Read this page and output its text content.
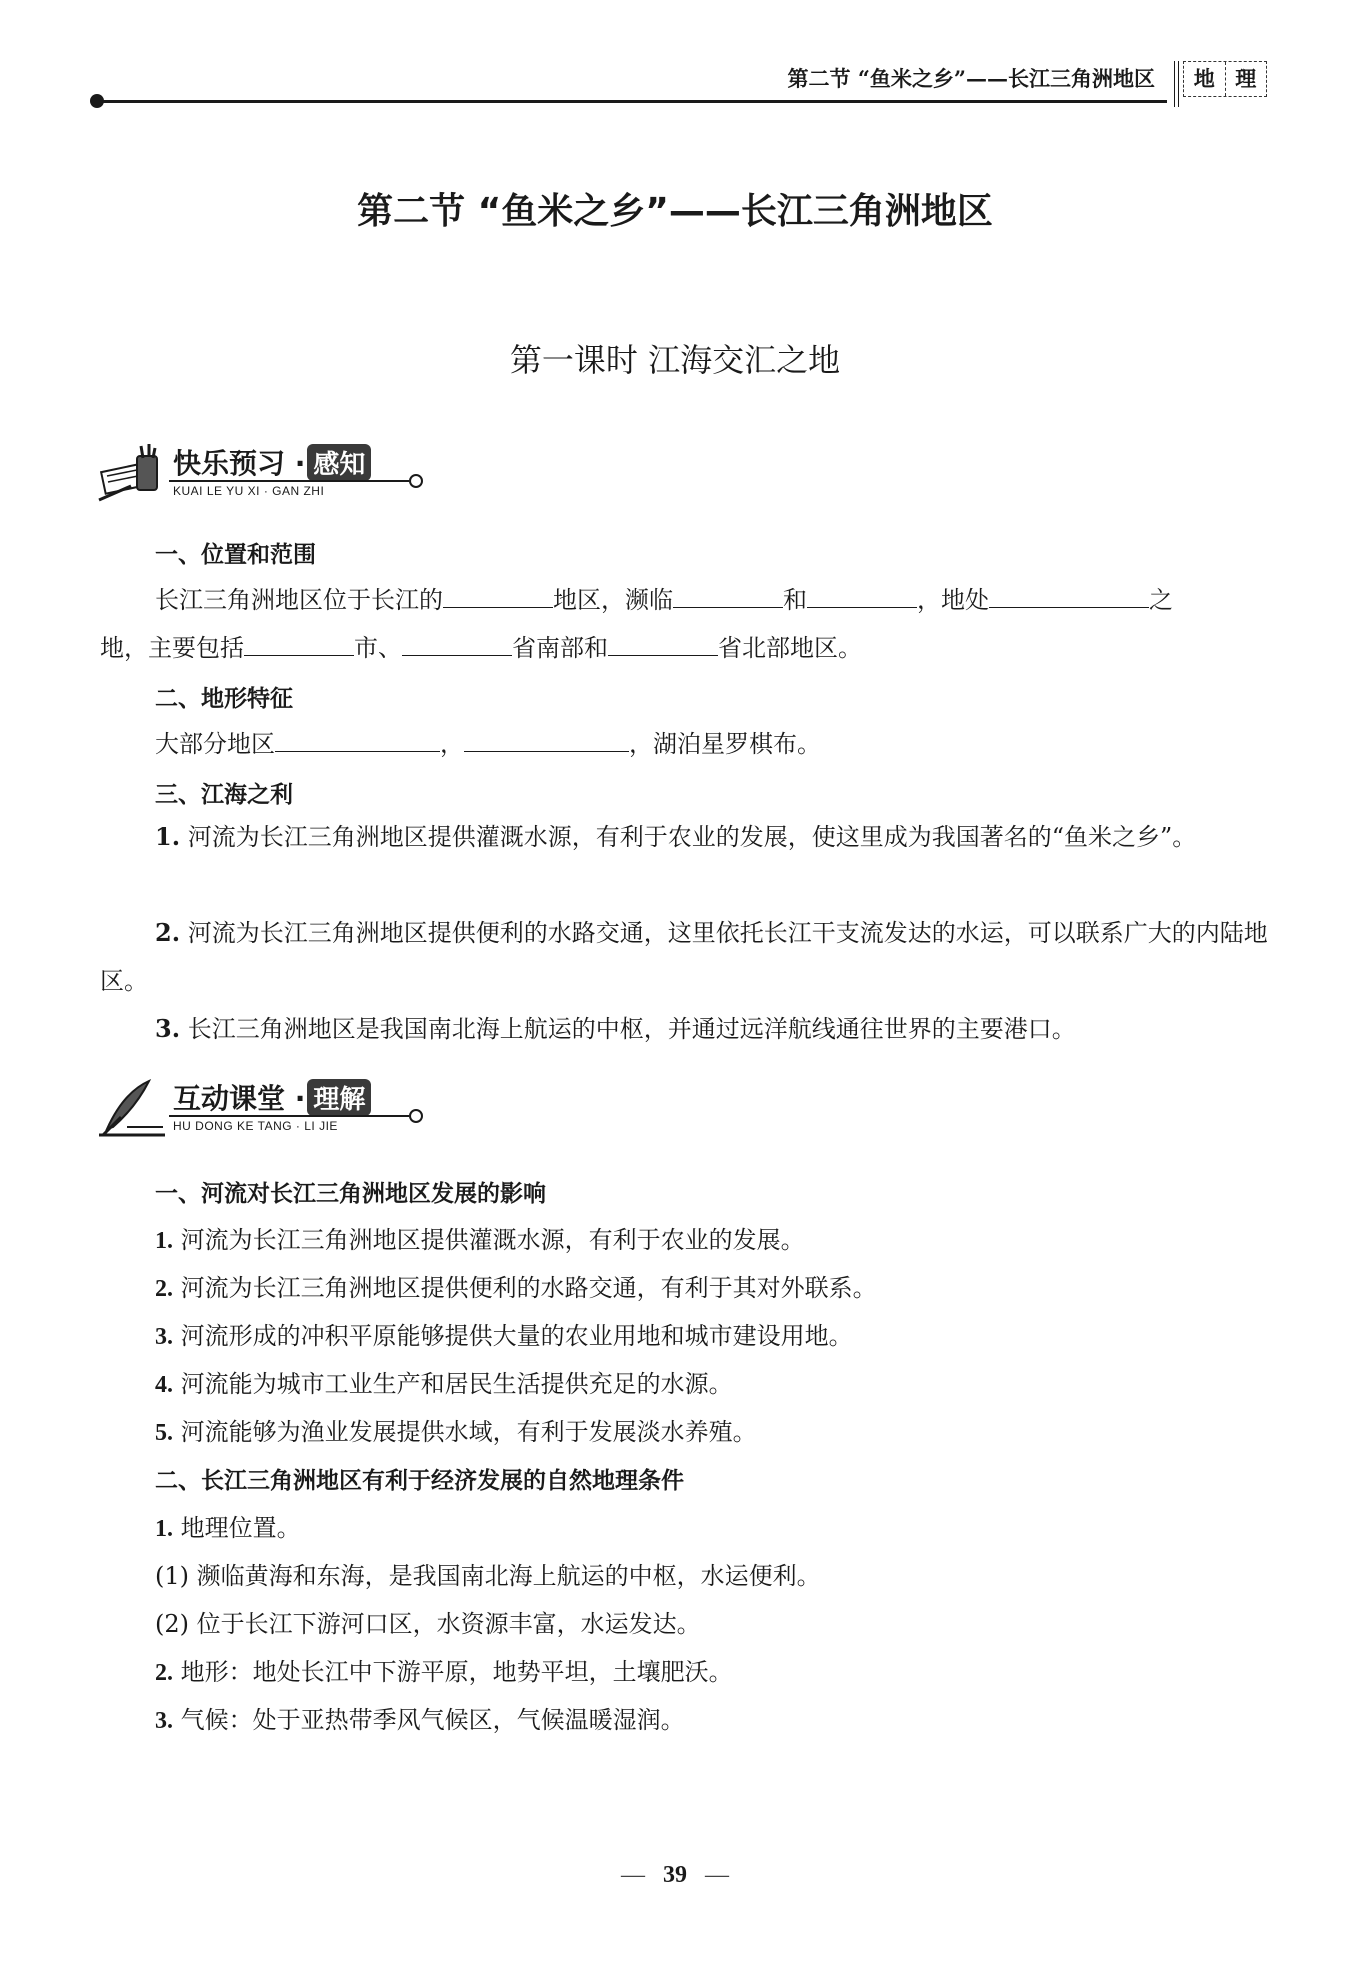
第二节 “鱼米之乡”——长江三角洲地区	地 理
第二节 “鱼米之乡”——长江三角洲地区
第一课时 江海交汇之地
快乐预习 · 感知
KUAI LE YU XI · GAN ZHI
一、位置和范围
长江三角洲地区位于长江的	地区，濒临	和	，地处	之
地，主要包括	市、	省南部和	省北部地区。
二、地形特征
大部分地区	，	，湖泊星罗棋布。
三、江海之利
1. 河流为长江三角洲地区提供灌溉水源，有利于农业的发展，使这里成为我国著名的“鱼米之乡”。
2. 河流为长江三角洲地区提供便利的水路交通，这里依托长江干支流发达的水运，可以联系广大的内陆地区。
3. 长江三角洲地区是我国南北海上航运的中枢，并通过远洋航线通往世界的主要港口。
互动课堂 · 理解
HU DONG KE TANG · LI JIE
一、河流对长江三角洲地区发展的影响
1. 河流为长江三角洲地区提供灌溉水源，有利于农业的发展。
2. 河流为长江三角洲地区提供便利的水路交通，有利于其对外联系。
3. 河流形成的冲积平原能够提供大量的农业用地和城市建设用地。
4. 河流能为城市工业生产和居民生活提供充足的水源。
5. 河流能够为渔业发展提供水域，有利于发展淡水养殖。
二、长江三角洲地区有利于经济发展的自然地理条件
1. 地理位置。
(1) 濒临黄海和东海，是我国南北海上航运的中枢，水运便利。
(2) 位于长江下游河口区，水资源丰富，水运发达。
2. 地形：地处长江中下游平原，地势平坦，土壤肥沃。
3. 气候：处于亚热带季风气候区，气候温暖湿润。
— 39 —
